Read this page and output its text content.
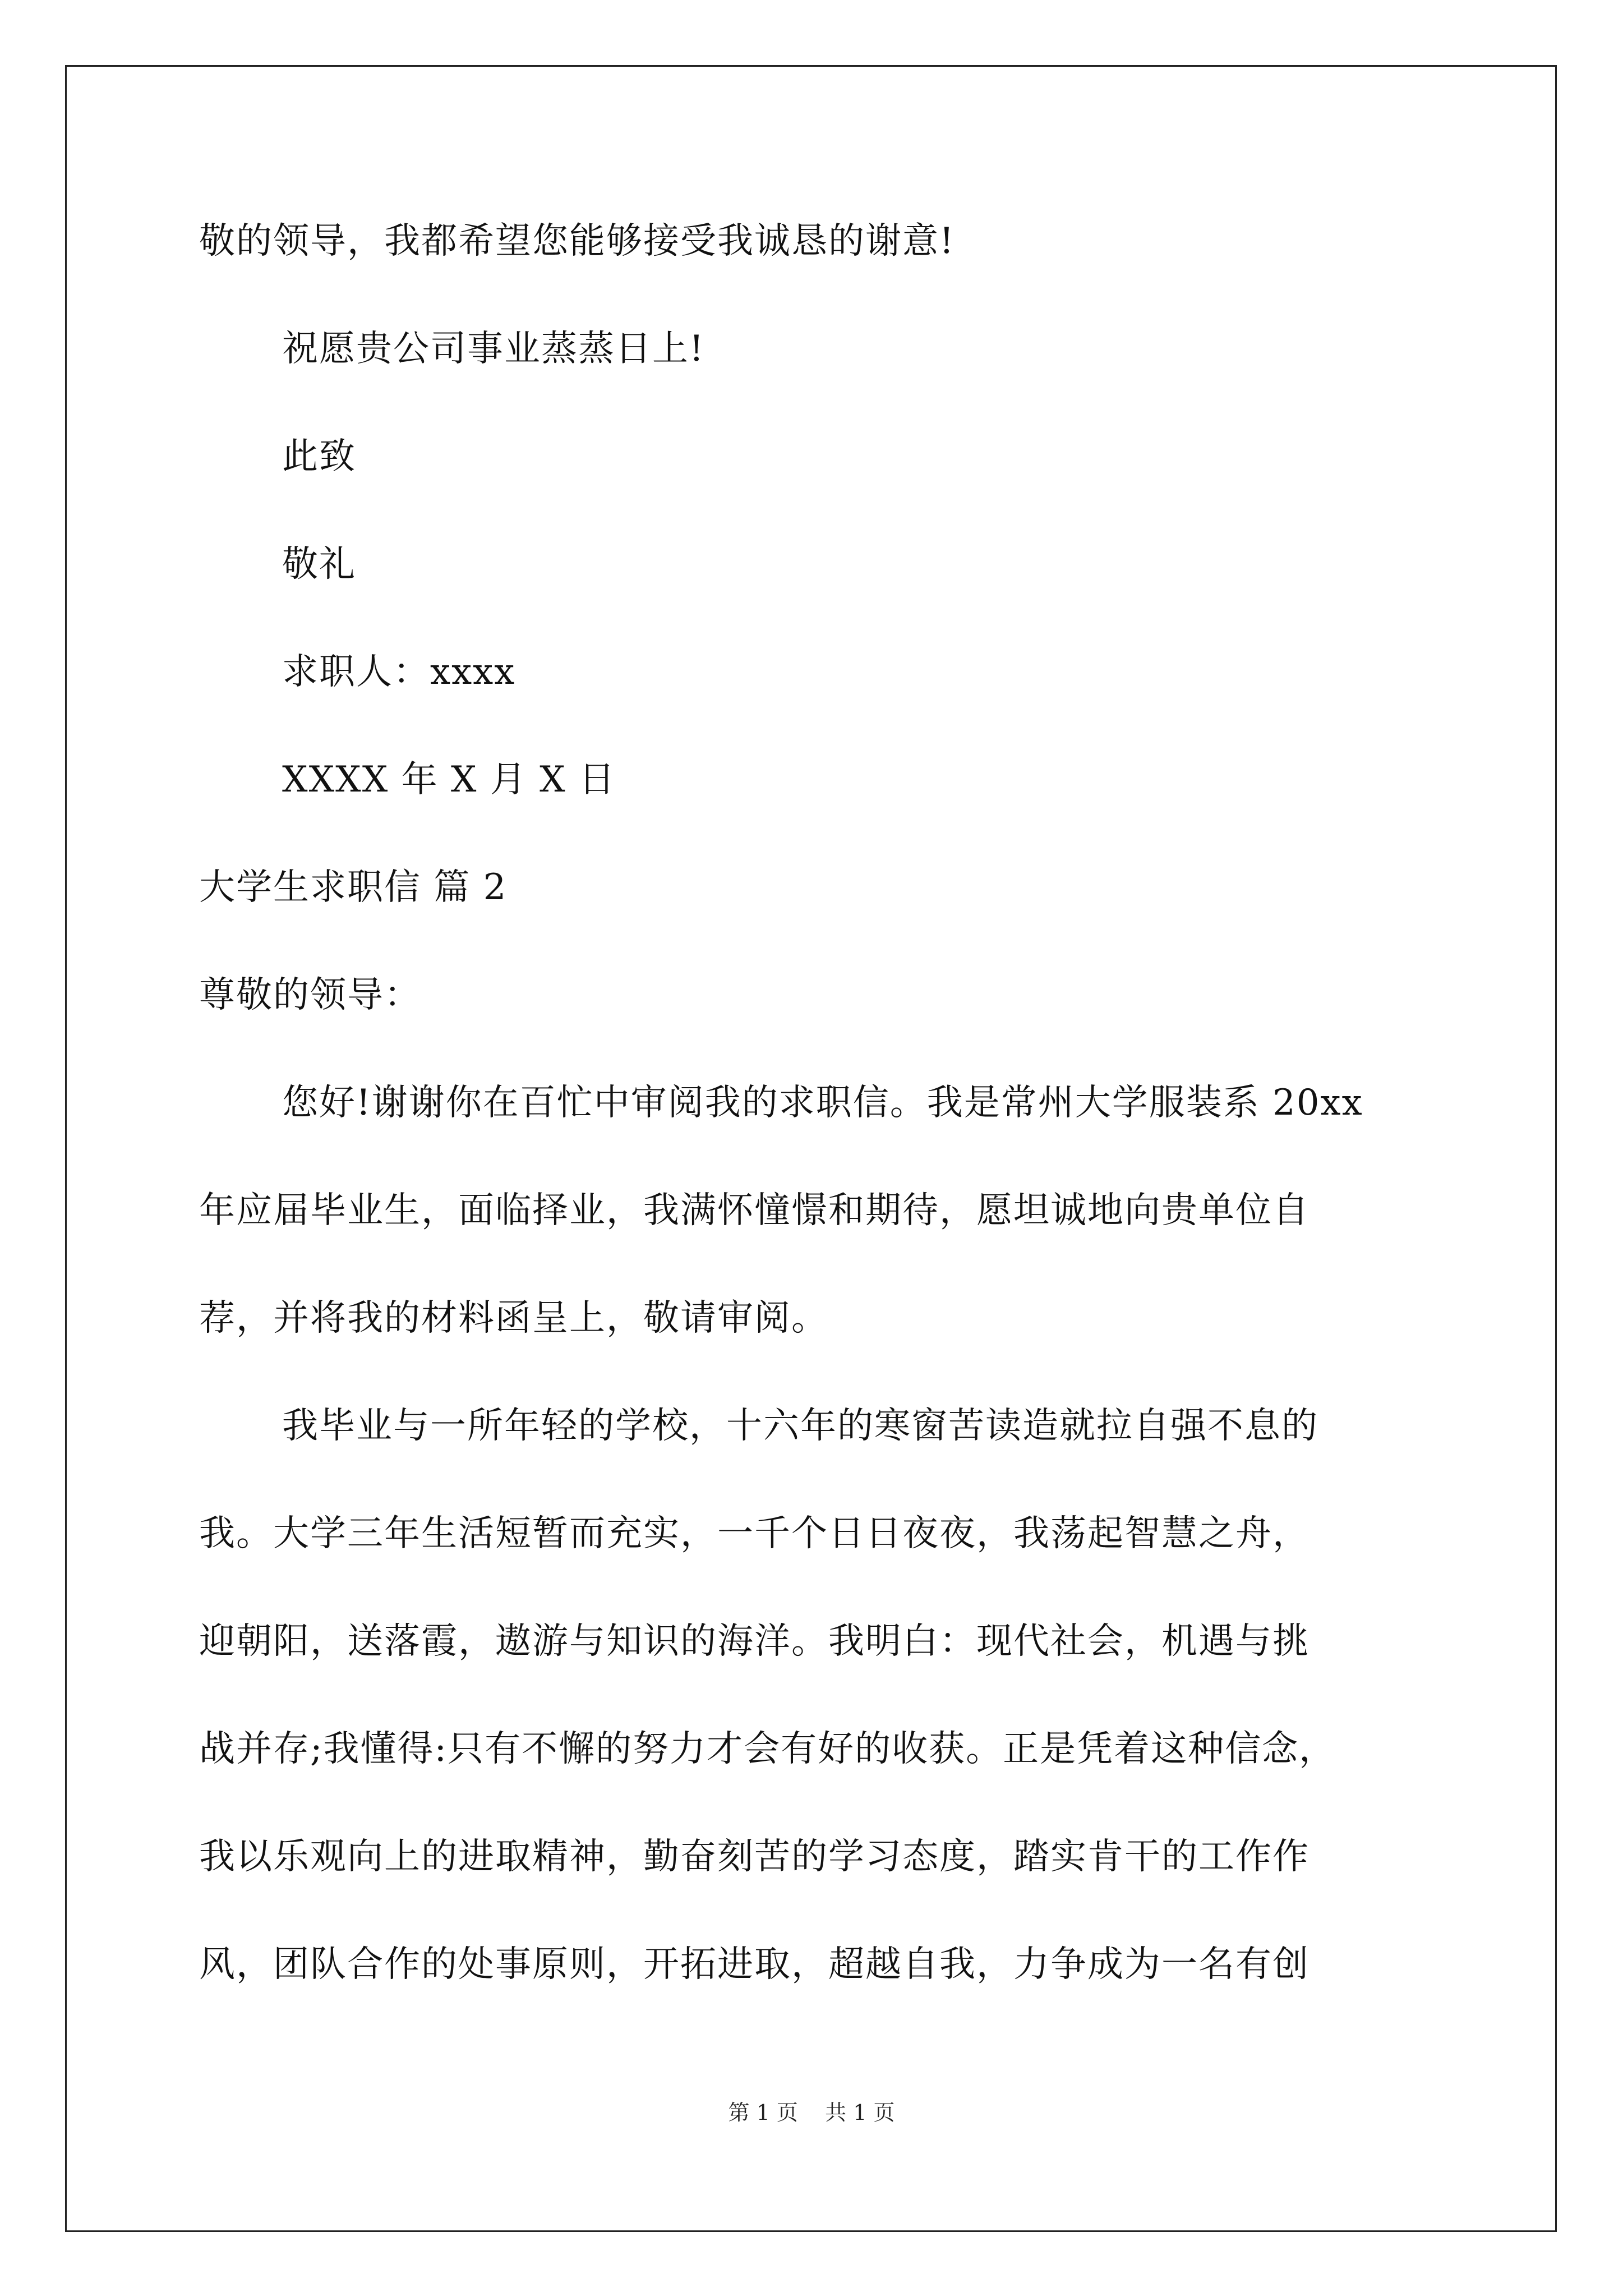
敬的领导，我都希望您能够接受我诚恳的谢意!
祝愿贵公司事业蒸蒸日上!
此致
敬礼
求职人：xxxx
XXXX 年 X 月 X 日
大学生求职信 篇 2
尊敬的领导：
您好!谢谢你在百忙中审阅我的求职信。我是常州大学服装系 20xx
年应届毕业生，面临择业，我满怀憧憬和期待，愿坦诚地向贵单位自
荐，并将我的材料函呈上，敬请审阅。
我毕业与一所年轻的学校，十六年的寒窗苦读造就拉自强不息的
我。大学三年生活短暂而充实，一千个日日夜夜，我荡起智慧之舟，
迎朝阳，送落霞，遨游与知识的海洋。我明白：现代社会，机遇与挑
战并存;我懂得:只有不懈的努力才会有好的收获。正是凭着这种信念，
我以乐观向上的进取精神，勤奋刻苦的学习态度，踏实肯干的工作作
风，团队合作的处事原则，开拓进取，超越自我，力争成为一名有创
第 1 页    共 1 页
